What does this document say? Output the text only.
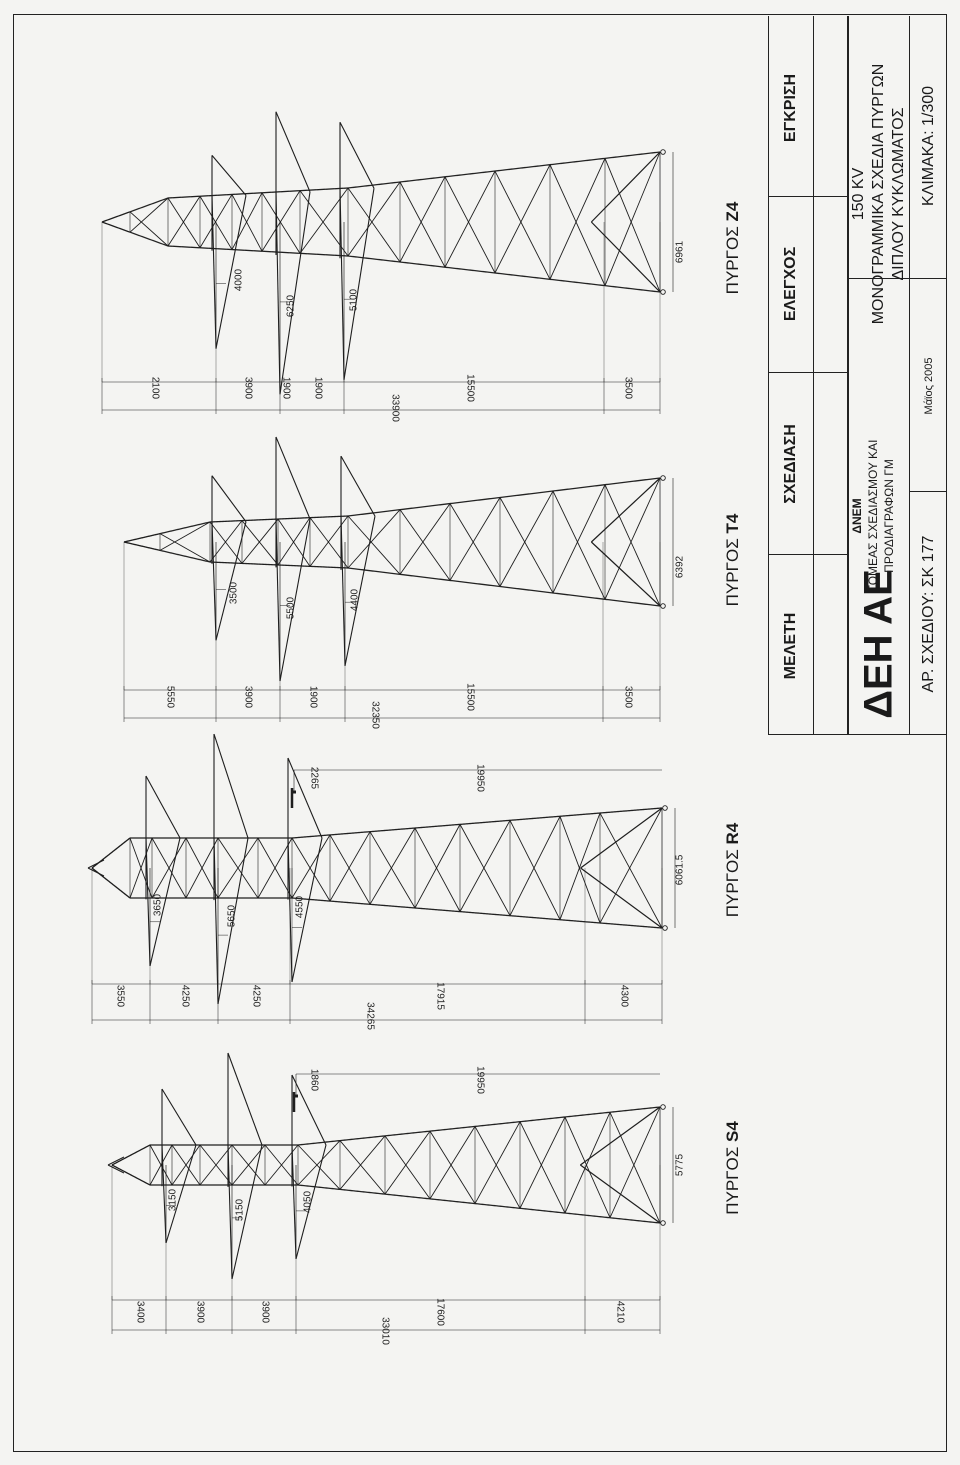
ΜΕΛΕΤΗ
ΣΧΕΔΙΑΣΗ
ΕΛΕΓΧΟΣ
ΕΓΚΡΙΣΗ
ΔΕΗ ΑΕ
ΔΝΕΜ ΤΟΜΕΑΣ ΣΧΕΔΙΑΣΜΟΥ ΚΑΙ ΠΡΟΔΙΑΓΡΑΦΩΝ ΓΜ
150 KV ΜΟΝΟΓΡΑΜΜΙΚΑ ΣΧΕΔΙΑ ΠΥΡΓΩΝ ΔΙΠΛΟΥ ΚΥΚΛΩΜΑΤΟΣ
ΑΡ. ΣΧΕΔΙΟΥ: ΣΚ 177
Μάϊος 2005
ΚΛΙΜΑΚΑ: 1/300
ΠΥΡΓΟΣ Z4
ΠΥΡΓΟΣ T4
ΠΥΡΓΟΣ R4
ΠΥΡΓΟΣ S4
33900
2100	3900	1900 1900	15500	3500
4000
6250	5100
6961
32350
5550	3900	1900	15500	3500
3500
5500	4400
6392
34265
3550	4250	4250	17915	4300
3650	5650	4550
6061.5
19950
2265
33010
3400	3900	3900	17600	4210
3150	5150	4050
5775
19950
1860
